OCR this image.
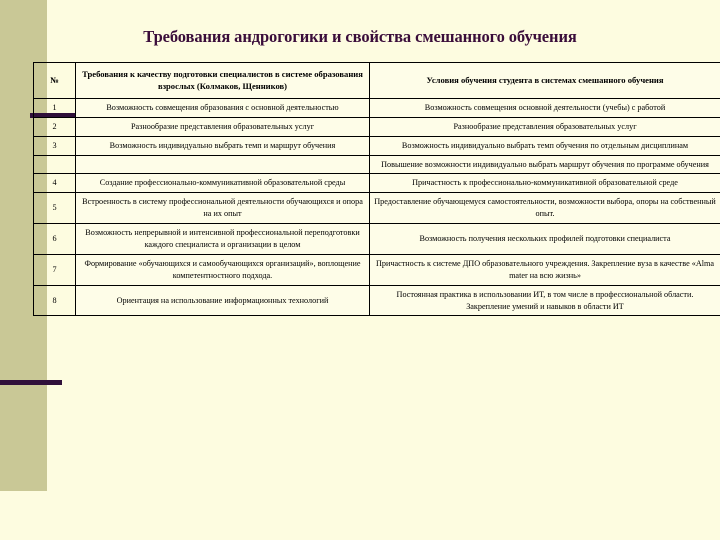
Требования андрогогики и свойства смешанного обучения
№	Требования к качеству подготовки специалистов в системе образования взрослых (Колмаков, Щенников)	Условия обучения студента в системах смешанного обучения
1	Возможность совмещения образования с основной деятельностью	Возможность совмещения основной деятельности (учебы) с работой
2	Разнообразие представления образовательных услуг	Разнообразие представления образовательных услуг
3	Возможность индивидуально выбрать темп и маршрут обучения	Возможность индивидуально выбрать темп обучения по отдельным дисциплинам
		Повышение возможности индивидуально выбрать маршрут обучения по программе обучения
4	Создание профессионально-коммуникативной образовательной среды	Причастность к профессионально-коммуникативной образовательной среде
5	Встроенность в систему профессиональной деятельности обучающихся и опора на их опыт	Предоставление обучающемуся самостоятельности, возможности выбора, опоры на собственный опыт.
6	Возможность непрерывной и интенсивной профессиональной переподготовки каждого специалиста и организации в целом	Возможность получения нескольких профилей подготовки специалиста
7	Формирование «обучающихся и самообучающихся организаций», воплощение компетентностного подхода.	Причастность к системе ДПО образовательного учреждения. Закрепление вуза в качестве «Alma mater на всю жизнь»
8	Ориентация на использование информационных технологий	Постоянная практика в использовании ИТ, в том числе в профессиональной области. Закрепление умений и навыков в области ИТ
